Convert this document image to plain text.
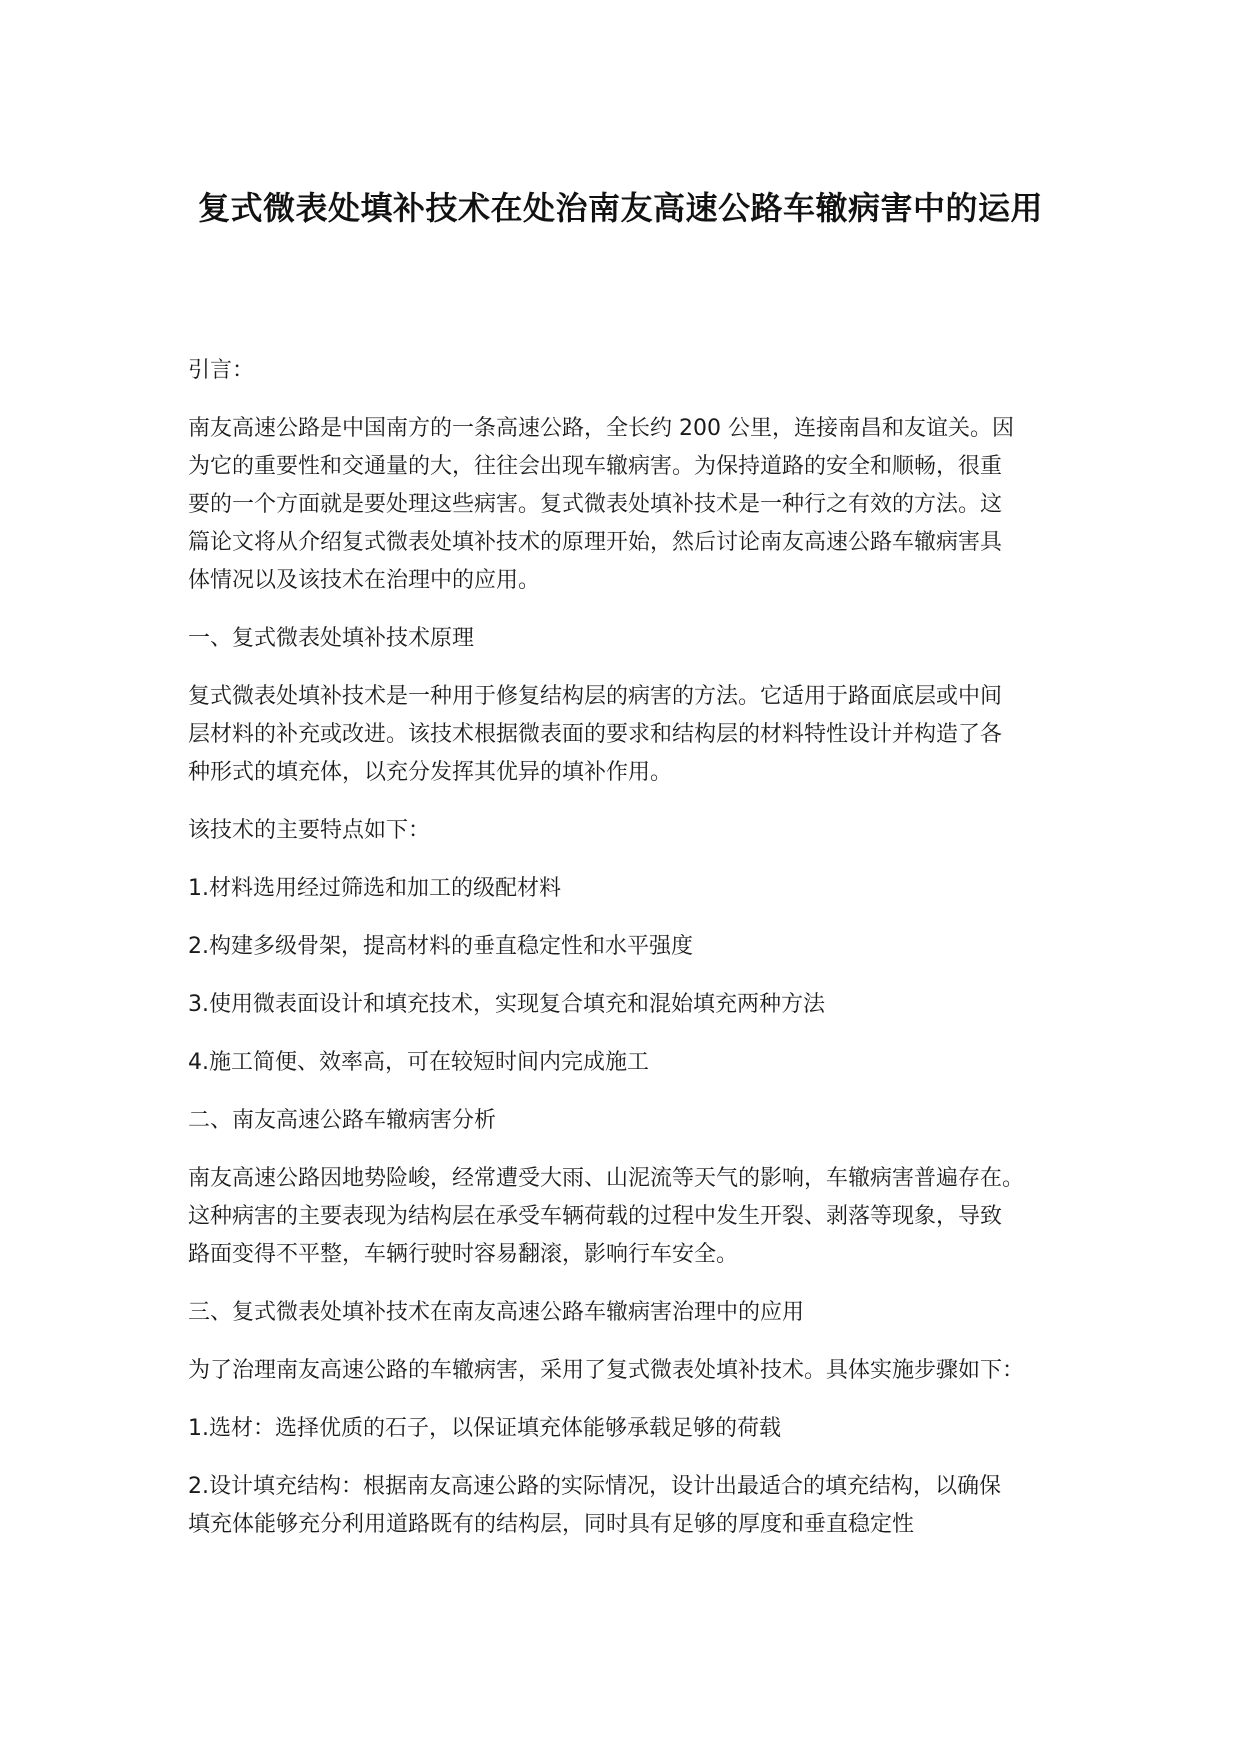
复式微表处填补技术在处治南友高速公路车辙病害中的运用

引言：

南友高速公路是中国南方的一条高速公路，全长约 200 公里，连接南昌和友谊关。因
为它的重要性和交通量的大，往往会出现车辙病害。为保持道路的安全和顺畅，很重
要的一个方面就是要处理这些病害。复式微表处填补技术是一种行之有效的方法。这
篇论文将从介绍复式微表处填补技术的原理开始，然后讨论南友高速公路车辙病害具
体情况以及该技术在治理中的应用。

一、复式微表处填补技术原理

复式微表处填补技术是一种用于修复结构层的病害的方法。它适用于路面底层或中间
层材料的补充或改进。该技术根据微表面的要求和结构层的材料特性设计并构造了各
种形式的填充体，以充分发挥其优异的填补作用。

该技术的主要特点如下：

1.材料选用经过筛选和加工的级配材料

2.构建多级骨架，提高材料的垂直稳定性和水平强度

3.使用微表面设计和填充技术，实现复合填充和混始填充两种方法

4.施工简便、效率高，可在较短时间内完成施工

二、南友高速公路车辙病害分析

南友高速公路因地势险峻，经常遭受大雨、山泥流等天气的影响，车辙病害普遍存在。
这种病害的主要表现为结构层在承受车辆荷载的过程中发生开裂、剥落等现象，导致
路面变得不平整，车辆行驶时容易翻滚，影响行车安全。

三、复式微表处填补技术在南友高速公路车辙病害治理中的应用

为了治理南友高速公路的车辙病害，采用了复式微表处填补技术。具体实施步骤如下：

1.选材：选择优质的石子，以保证填充体能够承载足够的荷载

2.设计填充结构：根据南友高速公路的实际情况，设计出最适合的填充结构，以确保
填充体能够充分利用道路既有的结构层，同时具有足够的厚度和垂直稳定性
